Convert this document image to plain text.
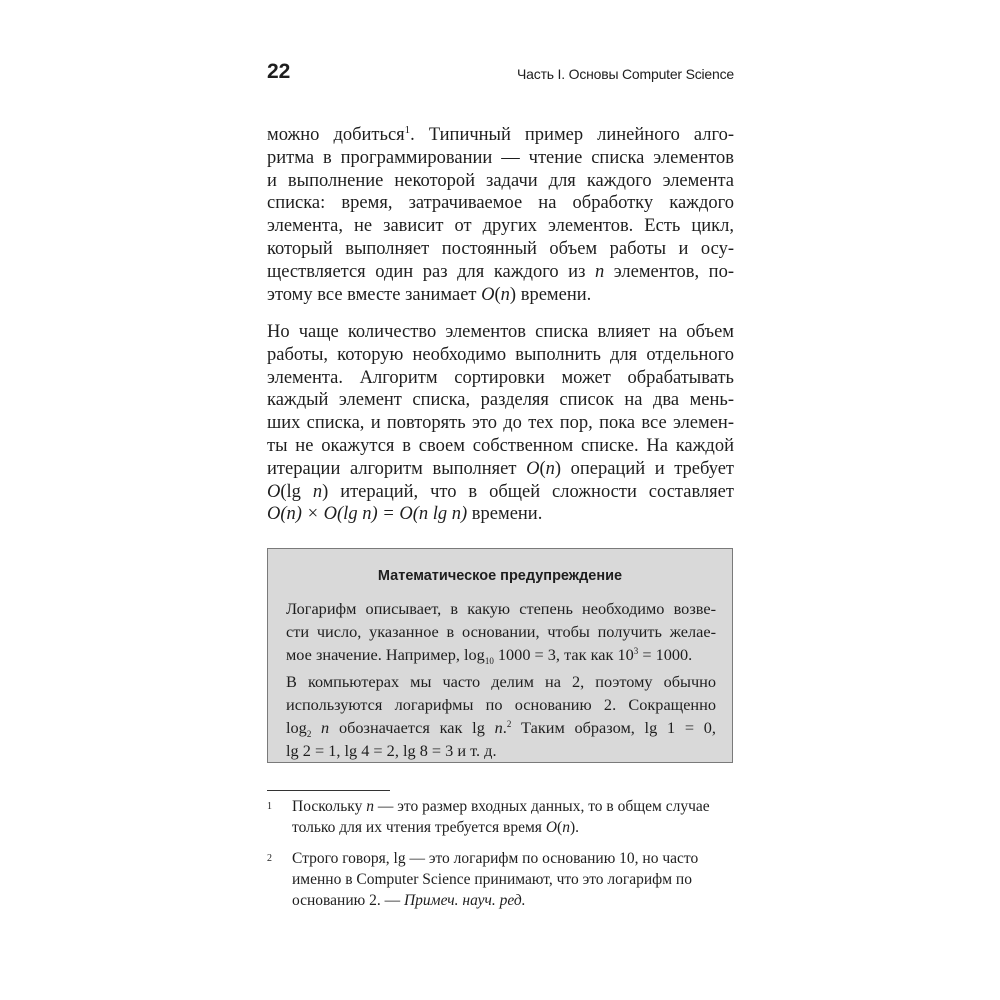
22	Часть I. Основы Computer Science
можно добиться$^1$. Типичный пример линейного алго-
ритма в программировании — чтение списка элементов
и выполнение некоторой задачи для каждого элемента
списка: время, затрачиваемое на обработку каждого
элемента, не зависит от других элементов. Есть цикл,
который выполняет постоянный объем работы и осу-
ществляется один раз для каждого из n элементов, по-
этому все вместе занимает O(n) времени.
Но чаще количество элементов списка влияет на объем
работы, которую необходимо выполнить для отдельного
элемента. Алгоритм сортировки может обрабатывать
каждый элемент списка, разделяя список на два мень-
ших списка, и повторять это до тех пор, пока все элемен-
ты не окажутся в своем собственном списке. На каждой
итерации алгоритм выполняет O(n) операций и требует
O(lg n) итераций, что в общей сложности составляет
O(n) × O(lg n) = O(n lg n) времени.
Математическое предупреждение
Логарифм описывает, в какую степень необходимо возве-
сти число, указанное в основании, чтобы получить желае-
мое значение. Например, $\log_{10} 1000 = 3$, так как $10^3 = 1000$.
В компьютерах мы часто делим на 2, поэтому обычно
используются логарифмы по основанию 2. Сокращенно
$\log_2 n$ обозначается как lg n.$^2$ Таким образом, lg 1 = 0,
lg 2 = 1, lg 4 = 2, lg 8 = 3 и т. д.
1 Поскольку n — это размер входных данных, то в общем случае
только для их чтения требуется время O(n).
2 Строго говоря, lg — это логарифм по основанию 10, но часто
именно в Computer Science принимают, что это логарифм по
основанию 2. — Примеч. науч. ред.
